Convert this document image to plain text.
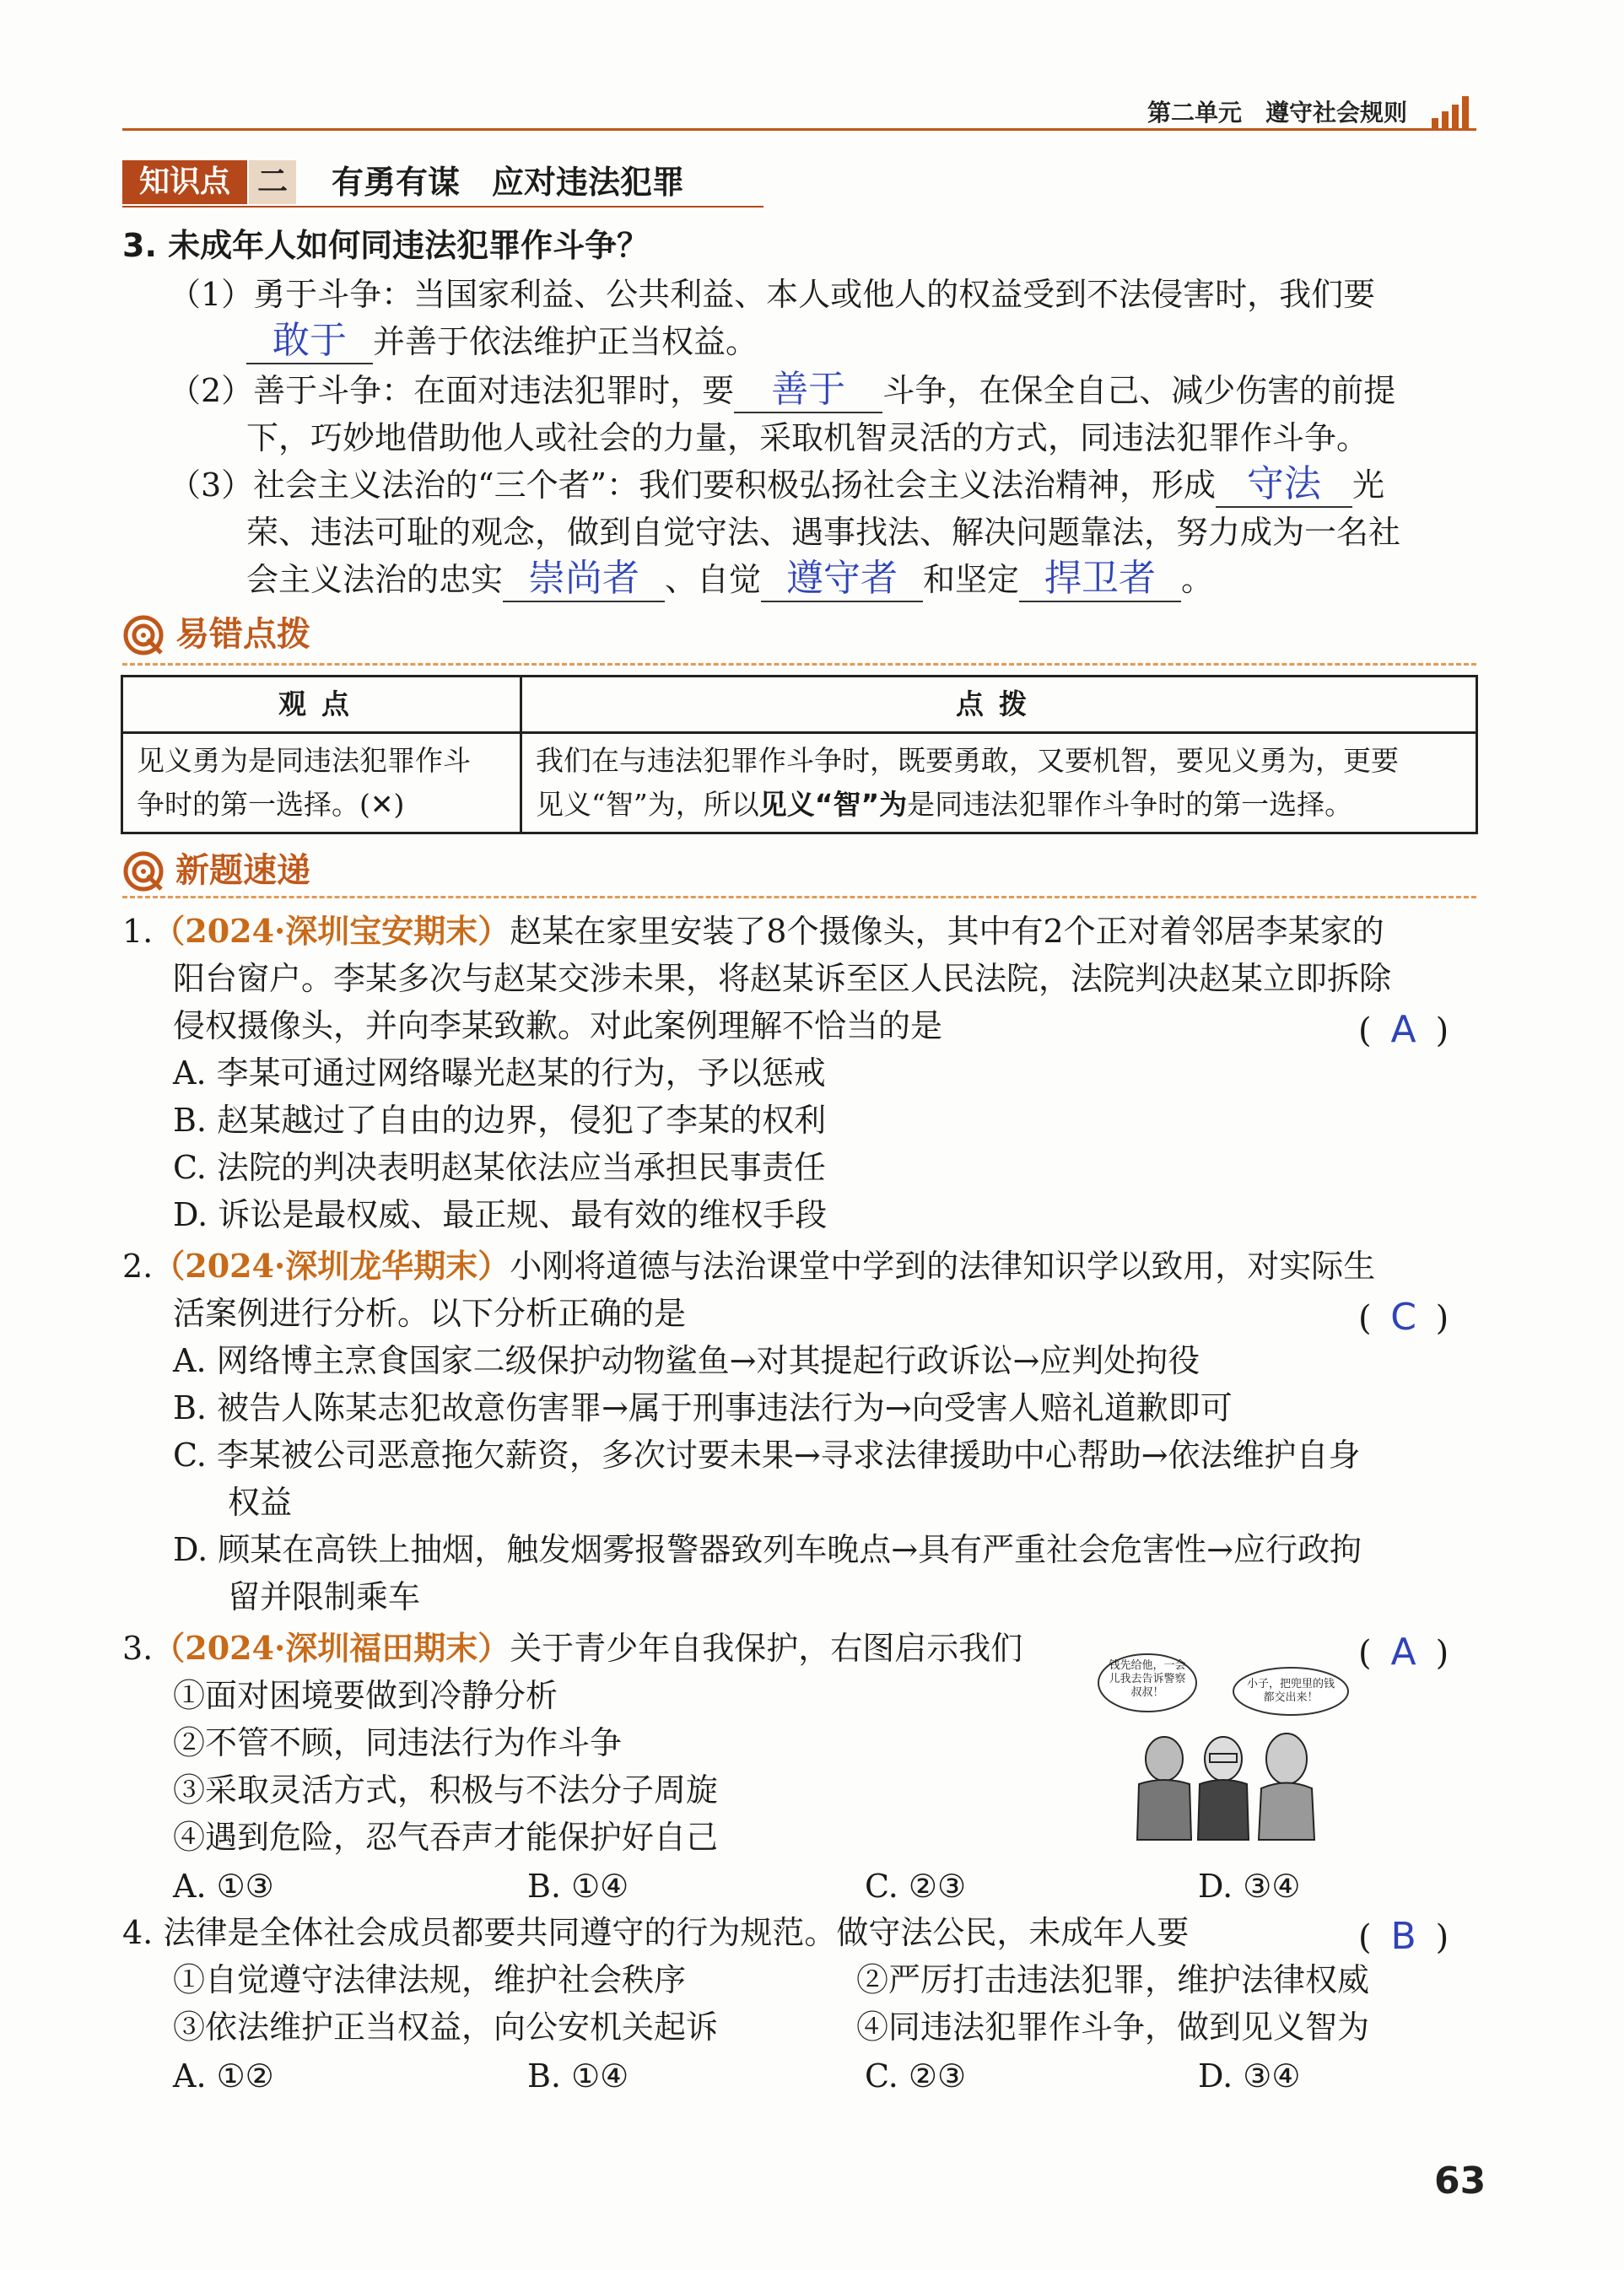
第二单元　遵守社会规则
知识点 二 有勇有谋　应对违法犯罪
3. 未成年人如何同违法犯罪作斗争？
（1）勇于斗争：当国家利益、公共利益、本人或他人的权益受到不法侵害时，我们要
敢于 并善于依法维护正当权益。
（2）善于斗争：在面对违法犯罪时，要 善于 斗争，在保全自己、减少伤害的前提
下，巧妙地借助他人或社会的力量，采取机智灵活的方式，同违法犯罪作斗争。
（3）社会主义法治的“三个者”：我们要积极弘扬社会主义法治精神，形成 守法 光
荣、违法可耻的观念，做到自觉守法、遇事找法、解决问题靠法，努力成为一名社
会主义法治的忠实 崇尚者 、自觉 遵守者 和坚定 捍卫者 。
易错点拨
观点	点拨
见义勇为是同违法犯罪作斗
争时的第一选择。(✕)	我们在与违法犯罪作斗争时，既要勇敢，又要机智，要见义勇为，更要
见义“智”为，所以见义“智”为是同违法犯罪作斗争时的第一选择。
新题速递
1.（2024·深圳宝安期末）赵某在家里安装了8个摄像头，其中有2个正对着邻居李某家的
阳台窗户。李某多次与赵某交涉未果，将赵某诉至区人民法院，法院判决赵某立即拆除
侵权摄像头，并向李某致歉。对此案例理解不恰当的是	( A )
A. 李某可通过网络曝光赵某的行为，予以惩戒
B. 赵某越过了自由的边界，侵犯了李某的权利
C. 法院的判决表明赵某依法应当承担民事责任
D. 诉讼是最权威、最正规、最有效的维权手段
2.（2024·深圳龙华期末）小刚将道德与法治课堂中学到的法律知识学以致用，对实际生
活案例进行分析。以下分析正确的是	( C )
A. 网络博主烹食国家二级保护动物鲨鱼→对其提起行政诉讼→应判处拘役
B. 被告人陈某志犯故意伤害罪→属于刑事违法行为→向受害人赔礼道歉即可
C. 李某被公司恶意拖欠薪资，多次讨要未果→寻求法律援助中心帮助→依法维护自身
权益
D. 顾某在高铁上抽烟，触发烟雾报警器致列车晚点→具有严重社会危害性→应行政拘
留并限制乘车
3.（2024·深圳福田期末）关于青少年自我保护，右图启示我们	( A )
①面对困境要做到冷静分析
②不管不顾，同违法行为作斗争
③采取灵活方式，积极与不法分子周旋
④遇到危险，忍气吞声才能保护好自己
A. ①③	B. ①④	C. ②③	D. ③④
钱先给他，一会儿我去告诉警察叔叔！
小子，把兜里的钱都交出来！
4. 法律是全体社会成员都要共同遵守的行为规范。做守法公民，未成年人要	( B )
①自觉遵守法律法规，维护社会秩序	②严厉打击违法犯罪，维护法律权威
③依法维护正当权益，向公安机关起诉	④同违法犯罪作斗争，做到见义智为
A. ①②	B. ①④	C. ②③	D. ③④
63
